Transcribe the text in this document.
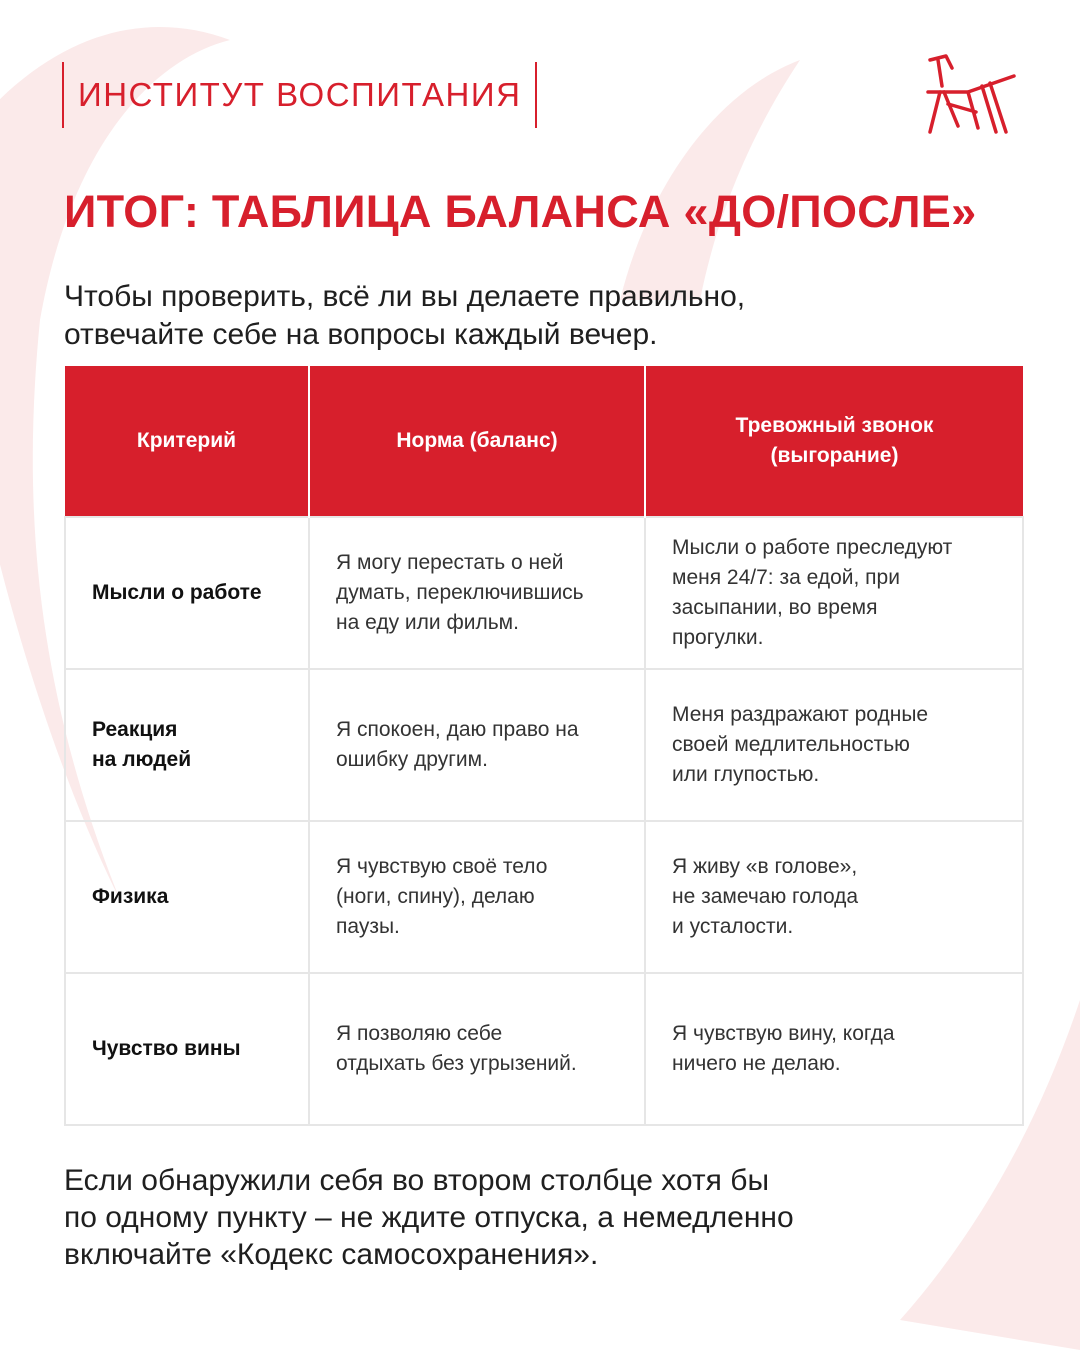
ИНСТИТУТ ВОСПИТАНИЯ
ИТОГ: ТАБЛИЦА БАЛАНСА «ДО/ПОСЛЕ»

Чтобы проверить, всё ли вы делаете правильно,
отвечайте себе на вопросы каждый вечер.

Критерий	Норма (баланс)	Тревожный звонок
(выгорание)

Мысли о работе	Я могу перестать о ней
думать, переключившись
на еду или фильм.	Мысли о работе преследуют
меня 24/7: за едой, при
засыпании, во время
прогулки.

Реакция
на людей	Я спокоен, даю право на
ошибку другим.	Меня раздражают родные
своей медлительностью
или глупостью.

Физика	Я чувствую своё тело
(ноги, спину), делаю
паузы.	Я живу «в голове»,
не замечаю голода
и усталости.

Чувство вины	Я позволяю себе
отдыхать без угрызений.	Я чувствую вину, когда
ничего не делаю.

Если обнаружили себя во втором столбце хотя бы
по одному пункту – не ждите отпуска, а немедленно
включайте «Кодекс самосохранения».
